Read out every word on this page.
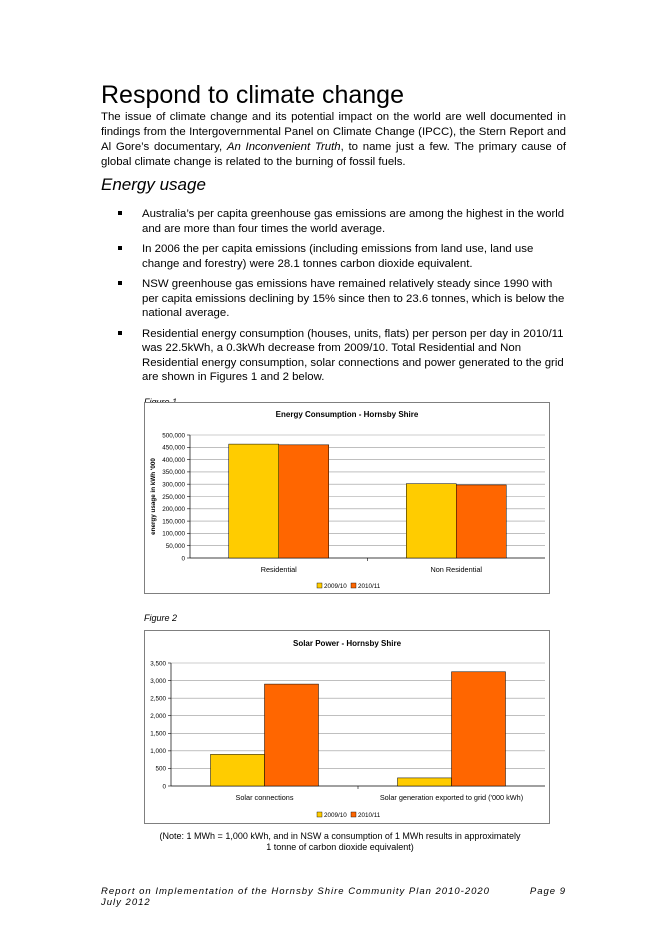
Respond to climate change

The issue of climate change and its potential impact on the world are well documented in findings from the Intergovernmental Panel on Climate Change (IPCC), the Stern Report and Al Gore’s documentary, An Inconvenient Truth, to name just a few. The primary cause of global climate change is related to the burning of fossil fuels.

Energy usage
Australia’s per capita greenhouse gas emissions are among the highest in the world and are more than four times the world average.
In 2006 the per capita emissions (including emissions from land use, land use change and forestry) were 28.1 tonnes carbon dioxide equivalent.
NSW greenhouse gas emissions have remained relatively steady since 1990 with per capita emissions declining by 15% since then to 23.6 tonnes, which is below the national average.
Residential energy consumption (houses, units, flats) per person per day in 2010/11 was 22.5kWh, a 0.3kWh decrease from 2009/10. Total Residential and Non Residential energy consumption, solar connections and power generated to the grid are shown in Figures 1 and 2 below.

Energy Consumption - Hornsby Shire
0
50,000
100,000
150,000
200,000
250,000
300,000
350,000
400,000
450,000
500,000
Residential	Non Residential
energy usage in kWh '000
2009/10 2010/11

Figure 2

Solar Power - Hornsby Shire
0
500
1,000
1,500
2,000
2,500
3,000
3,500
Solar connections	Solar generation exported to grid ('000 kWh)
2009/10 2010/11

(Note: 1 MWh = 1,000 kWh, and in NSW a consumption of 1 MWh results in approximately
1 tonne of carbon dioxide equivalent)

Report on Implementation of the Hornsby Shire Community Plan 2010-2020
July 2012
Page 9
